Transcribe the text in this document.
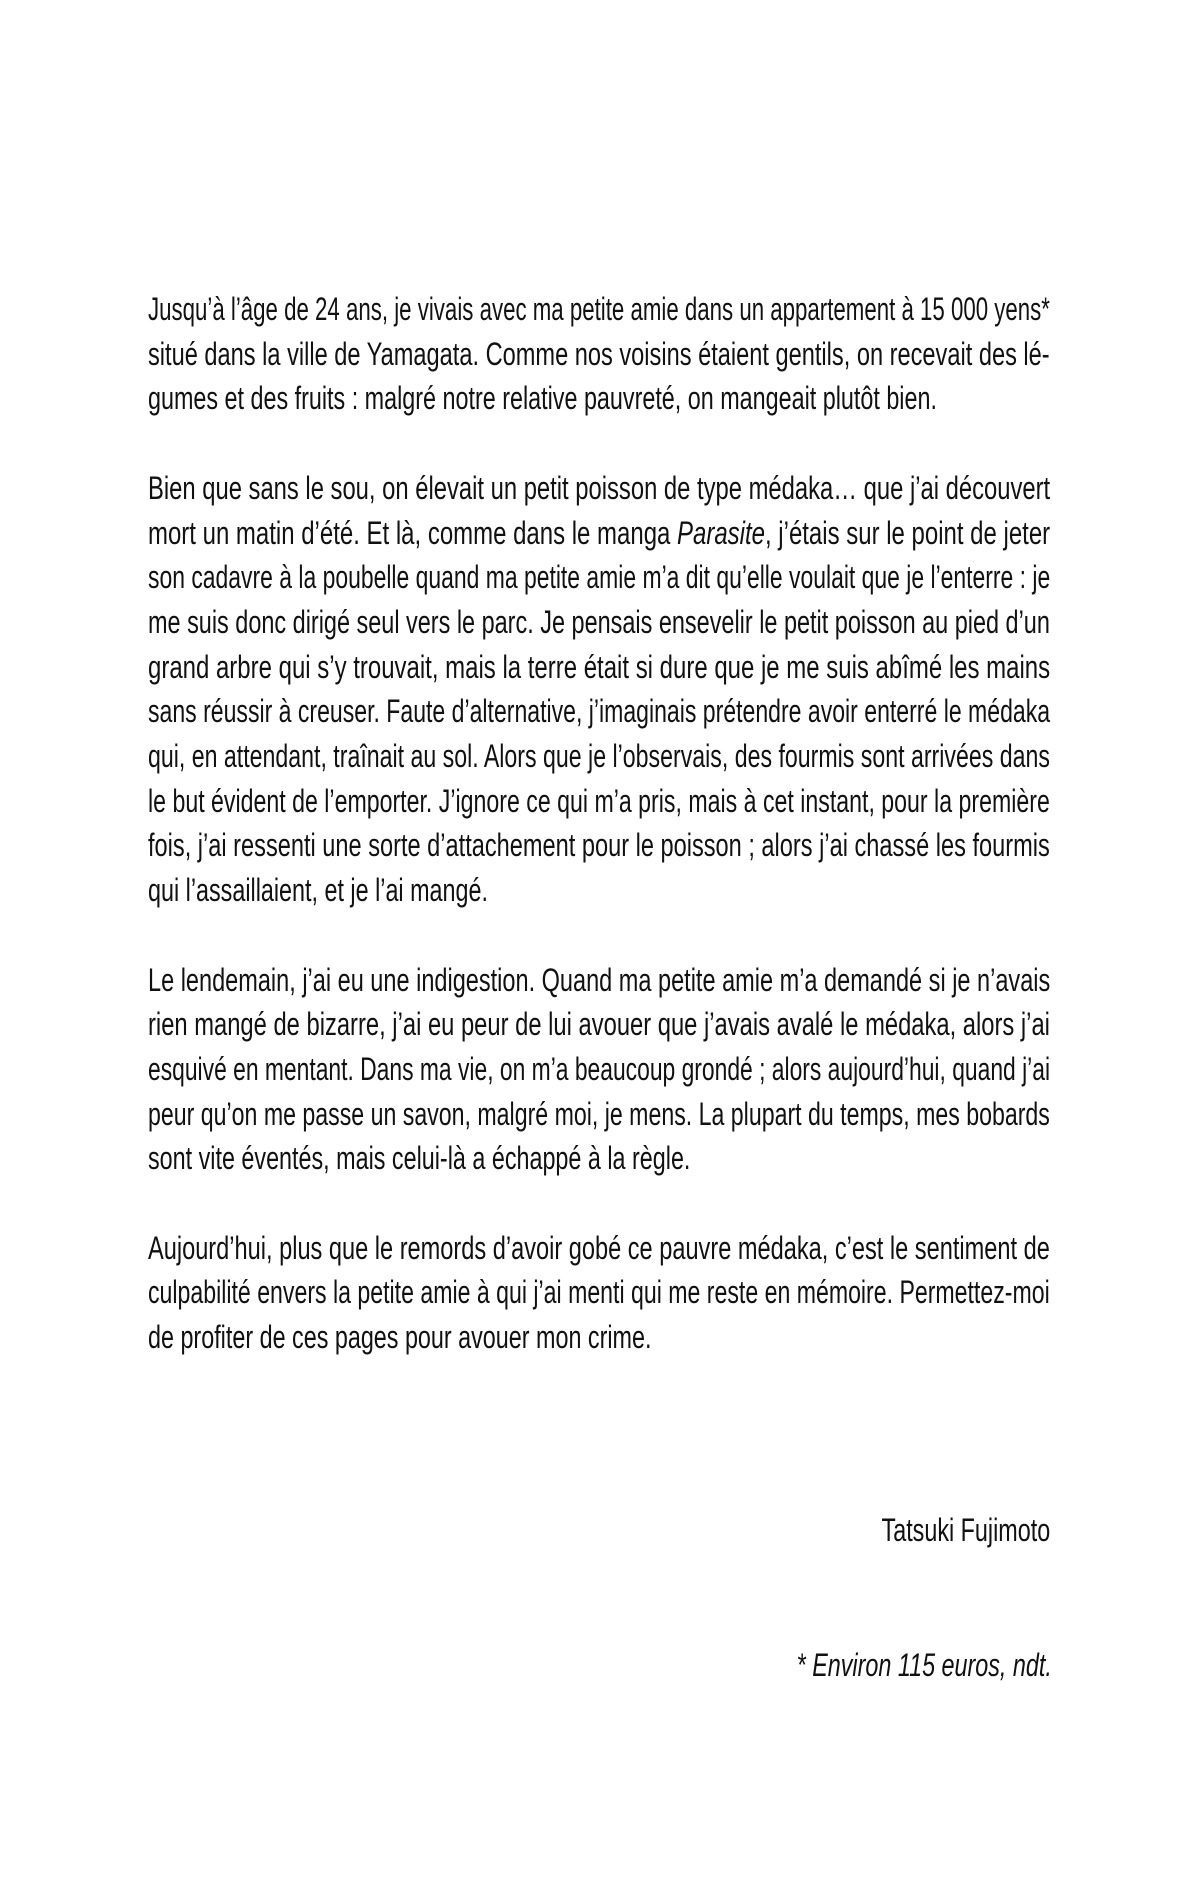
Jusqu’à l’âge de 24 ans, je vivais avec ma petite amie dans un appartement à 15 000 yens*
situé dans la ville de Yamagata. Comme nos voisins étaient gentils, on recevait des lé-
gumes et des fruits : malgré notre relative pauvreté, on mangeait plutôt bien.
Bien que sans le sou, on élevait un petit poisson de type médaka… que j’ai découvert
mort un matin d’été. Et là, comme dans le manga Parasite, j’étais sur le point de jeter
son cadavre à la poubelle quand ma petite amie m’a dit qu’elle voulait que je l’enterre : je
me suis donc dirigé seul vers le parc. Je pensais ensevelir le petit poisson au pied d’un
grand arbre qui s’y trouvait, mais la terre était si dure que je me suis abîmé les mains
sans réussir à creuser. Faute d’alternative, j’imaginais prétendre avoir enterré le médaka
qui, en attendant, traînait au sol. Alors que je l’observais, des fourmis sont arrivées dans
le but évident de l’emporter. J’ignore ce qui m’a pris, mais à cet instant, pour la première
fois, j’ai ressenti une sorte d’attachement pour le poisson ; alors j’ai chassé les fourmis
qui l’assaillaient, et je l’ai mangé.
Le lendemain, j’ai eu une indigestion. Quand ma petite amie m’a demandé si je n’avais
rien mangé de bizarre, j’ai eu peur de lui avouer que j’avais avalé le médaka, alors j’ai
esquivé en mentant. Dans ma vie, on m’a beaucoup grondé ; alors aujourd’hui, quand j’ai
peur qu’on me passe un savon, malgré moi, je mens. La plupart du temps, mes bobards
sont vite éventés, mais celui-là a échappé à la règle.
Aujourd’hui, plus que le remords d’avoir gobé ce pauvre médaka, c’est le sentiment de
culpabilité envers la petite amie à qui j’ai menti qui me reste en mémoire. Permettez-moi
de profiter de ces pages pour avouer mon crime.
Tatsuki Fujimoto
* Environ 115 euros, ndt.
